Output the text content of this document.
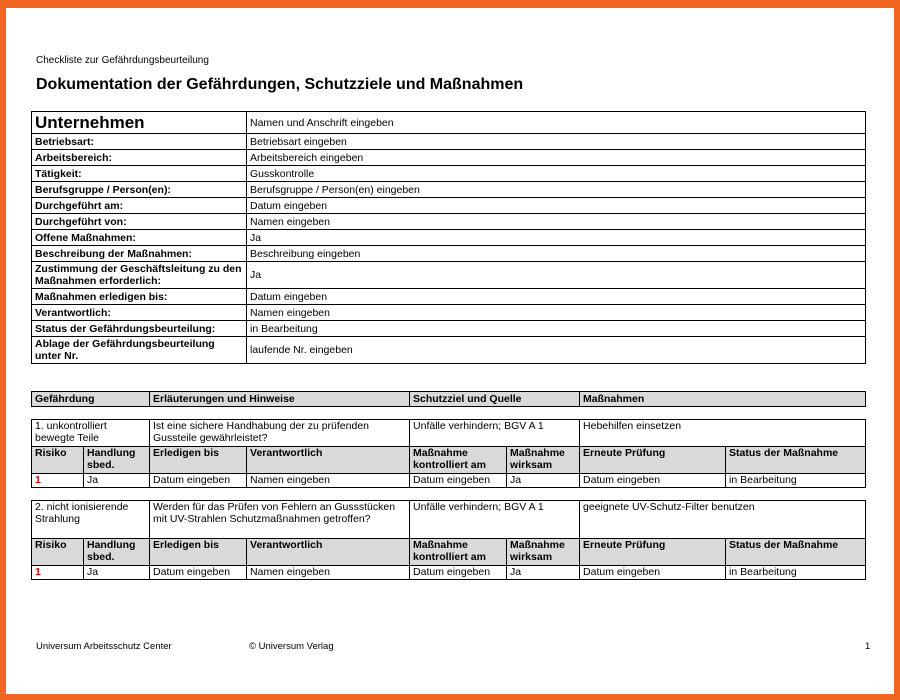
Checkliste zur Gefährdungsbeurteilung
Dokumentation der Gefährdungen, Schutzziele und Maßnahmen
Unternehmen	Namen und Anschrift eingeben
Betriebsart:	Betriebsart eingeben
Arbeitsbereich:	Arbeitsbereich eingeben
Tätigkeit:	Gusskontrolle
Berufsgruppe / Person(en):	Berufsgruppe / Person(en) eingeben
Durchgeführt am:	Datum eingeben
Durchgeführt von:	Namen eingeben
Offene Maßnahmen:	Ja
Beschreibung der Maßnahmen:	Beschreibung eingeben
Zustimmung der Geschäftsleitung zu den Maßnahmen erforderlich:	Ja
Maßnahmen erledigen bis:	Datum eingeben
Verantwortlich:	Namen eingeben
Status der Gefährdungsbeurteilung:	in Bearbeitung
Ablage der Gefährdungsbeurteilung unter Nr.	laufende Nr. eingeben
Gefährdung	Erläuterungen und Hinweise	Schutzziel und Quelle	Maßnahmen
1. unkontrolliert bewegte Teile		Ist eine sichere Handhabung der zu prüfenden Gussteile gewährleistet?		Unfälle verhindern; BGV A 1		Hebehilfen einsetzen	
Risiko	Handlung sbed.	Erledigen bis	Verantwortlich	Maßnahme kontrolliert am	Maßnahme wirksam	Erneute Prüfung	Status der Maßnahme
1	Ja	Datum eingeben	Namen eingeben	Datum eingeben	Ja	Datum eingeben	in Bearbeitung
2. nicht ionisierende Strahlung		Werden für das Prüfen von Fehlern an Gussstücken mit UV-Strahlen Schutzmaßnahmen getroffen?		Unfälle verhindern; BGV A 1		geeignete UV-Schutz-Filter benutzen	
Risiko	Handlung sbed.	Erledigen bis	Verantwortlich	Maßnahme kontrolliert am	Maßnahme wirksam	Erneute Prüfung	Status der Maßnahme
1	Ja	Datum eingeben	Namen eingeben	Datum eingeben	Ja	Datum eingeben	in Bearbeitung
Universum Arbeitsschutz Center	© Universum Verlag	1
